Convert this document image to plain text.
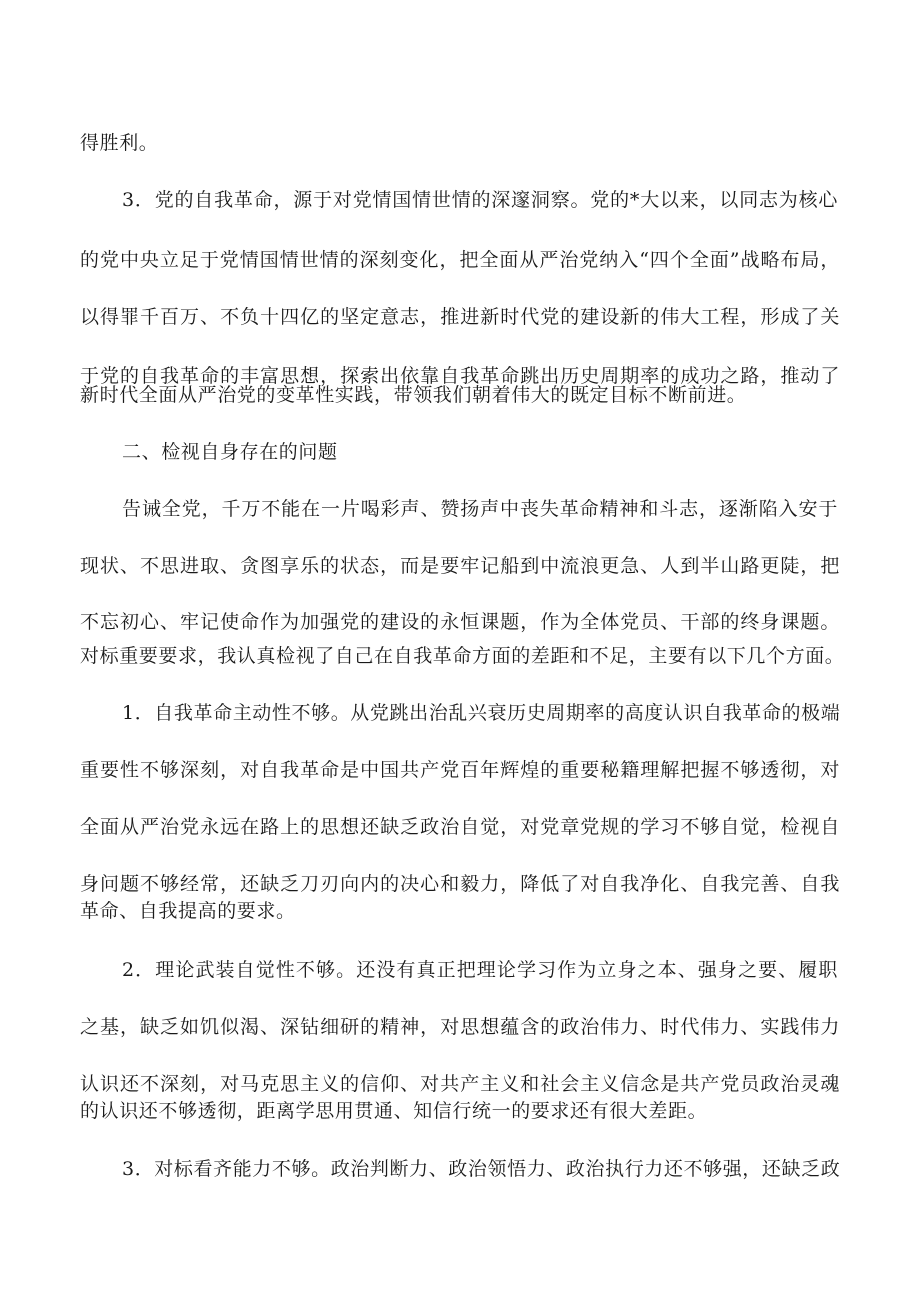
得胜利。
3．党的自我革命，源于对党情国情世情的深邃洞察。党的*大以来，以同志为核心
的党中央立足于党情国情世情的深刻变化，把全面从严治党纳入“四个全面”战略布局，
以得罪千百万、不负十四亿的坚定意志，推进新时代党的建设新的伟大工程，形成了关
于党的自我革命的丰富思想，探索出依靠自我革命跳出历史周期率的成功之路，推动了
新时代全面从严治党的变革性实践，带领我们朝着伟大的既定目标不断前进。
二、检视自身存在的问题
告诫全党，千万不能在一片喝彩声、赞扬声中丧失革命精神和斗志，逐渐陷入安于
现状、不思进取、贪图享乐的状态，而是要牢记船到中流浪更急、人到半山路更陡，把
不忘初心、牢记使命作为加强党的建设的永恒课题，作为全体党员、干部的终身课题。
对标重要要求，我认真检视了自己在自我革命方面的差距和不足，主要有以下几个方面。
1．自我革命主动性不够。从党跳出治乱兴衰历史周期率的高度认识自我革命的极端
重要性不够深刻，对自我革命是中国共产党百年辉煌的重要秘籍理解把握不够透彻，对
全面从严治党永远在路上的思想还缺乏政治自觉，对党章党规的学习不够自觉，检视自
身问题不够经常，还缺乏刀刃向内的决心和毅力，降低了对自我净化、自我完善、自我
革命、自我提高的要求。
2．理论武装自觉性不够。还没有真正把理论学习作为立身之本、强身之要、履职
之基，缺乏如饥似渴、深钻细研的精神，对思想蕴含的政治伟力、时代伟力、实践伟力
认识还不深刻，对马克思主义的信仰、对共产主义和社会主义信念是共产党员政治灵魂
的认识还不够透彻，距离学思用贯通、知信行统一的要求还有很大差距。
3．对标看齐能力不够。政治判断力、政治领悟力、政治执行力还不够强，还缺乏政
